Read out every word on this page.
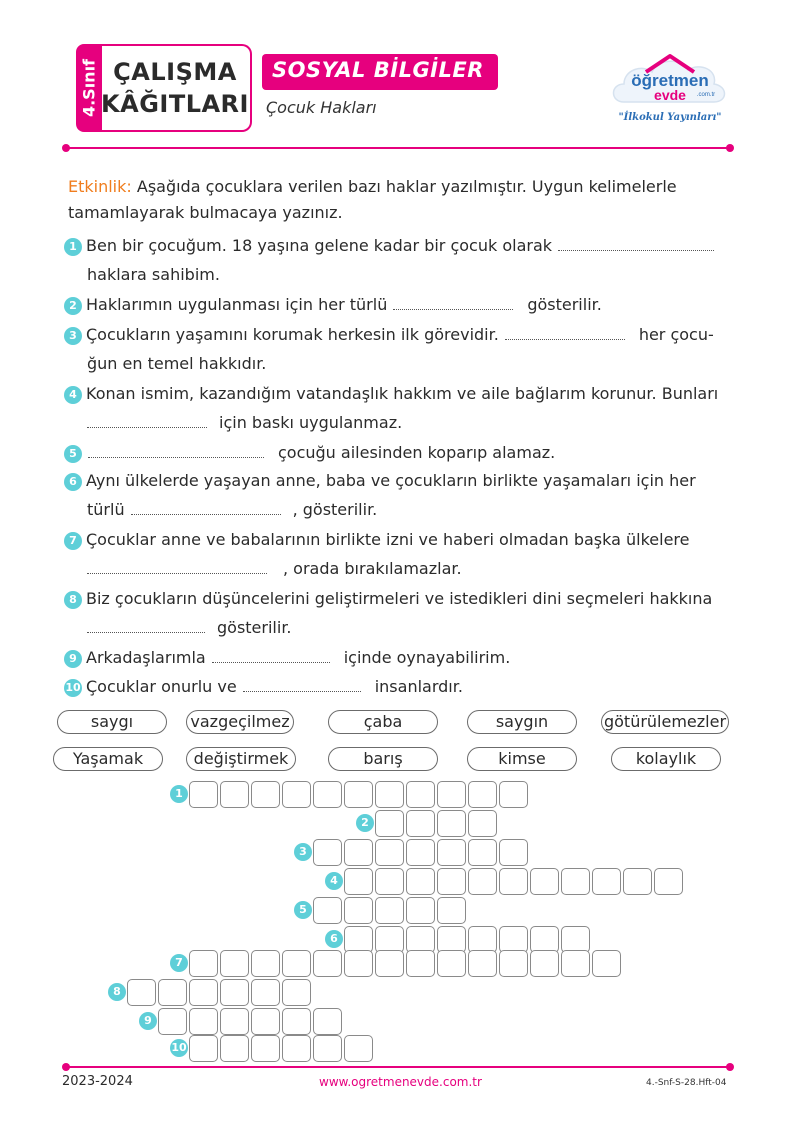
4.Sınıf ÇALIŞMA
KÂĞITLARI
SOSYAL BİLGİLER
Çocuk Hakları
öğretmen
evde .com.tr
"İlkokul Yayınları"
Etkinlik: Aşağıda çocuklara verilen bazı haklar yazılmıştır. Uygun kelimelerle tamamlayarak bulmacaya yazınız.
1 Ben bir çocuğum. 18 yaşına gelene kadar bir çocuk olarak
haklara sahibim.
2 Haklarımın uygulanması için her türlü	gösterilir.
3 Çocukların yaşamını korumak herkesin ilk görevidir.	her çocu-
ğun en temel hakkıdır.
4 Konan ismim, kazandığım vatandaşlık hakkım ve aile bağlarım korunur. Bunları
için baskı uygulanmaz.
5	çocuğu ailesinden koparıp alamaz.
6 Aynı ülkelerde yaşayan anne, baba ve çocukların birlikte yaşamaları için her
türlü	, gösterilir.
7 Çocuklar anne ve babalarının birlikte izni ve haberi olmadan başka ülkelere
, orada bırakılamazlar.
8 Biz çocukların düşüncelerini geliştirmeleri ve istedikleri dini seçmeleri hakkına
gösterilir.
9 Arkadaşlarımla	içinde oynayabilirim.
10 Çocuklar onurlu ve	insanlardır.
saygı	vazgeçilmez	çaba	saygın	götürülemezler
Yaşamak	değiştirmek	barış	kimse	kolaylık
1
2
3
4
5
6
7
8
9
10
2023-2024	www.ogretmenevde.com.tr	4.-Snf-S-28.Hft-04
